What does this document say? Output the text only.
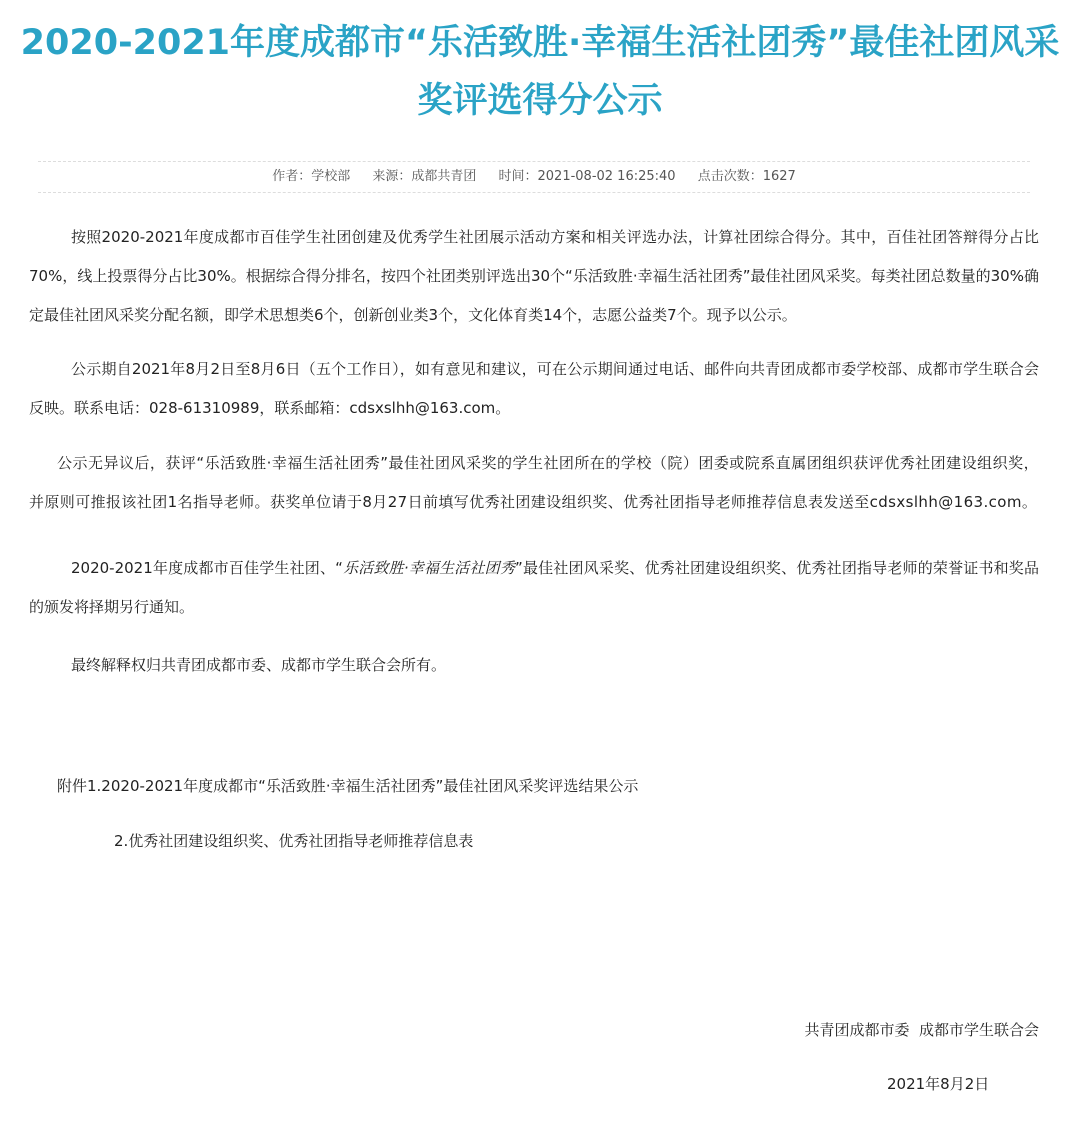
2020-2021年度成都市“乐活致胜·幸福生活社团秀”最佳社团风采奖评选得分公示
作者：学校部 来源：成都共青团 时间：2021-08-02 16:25:40 点击次数：1627

按照2020-2021年度成都市百佳学生社团创建及优秀学生社团展示活动方案和相关评选办法，计算社团综合得分。其中，百佳社团答辩得分占比70%，线上投票得分占比30%。根据综合得分排名，按四个社团类别评选出30个“乐活致胜·幸福生活社团秀”最佳社团风采奖。每类社团总数量的30%确定最佳社团风采奖分配名额，即学术思想类6个，创新创业类3个，文化体育类14个，志愿公益类7个。现予以公示。

公示期自2021年8月2日至8月6日（五个工作日），如有意见和建议，可在公示期间通过电话、邮件向共青团成都市委学校部、成都市学生联合会反映。联系电话：028-61310989，联系邮箱：cdsxslhh@163.com。

公示无异议后，获评“乐活致胜·幸福生活社团秀”最佳社团风采奖的学生社团所在的学校（院）团委或院系直属团组织获评优秀社团建设组织奖，并原则可推报该社团1名指导老师。获奖单位请于8月27日前填写优秀社团建设组织奖、优秀社团指导老师推荐信息表发送至cdsxslhh@163.com。

2020-2021年度成都市百佳学生社团、“乐活致胜·幸福生活社团秀”最佳社团风采奖、优秀社团建设组织奖、优秀社团指导老师的荣誉证书和奖品的颁发将择期另行通知。

最终解释权归共青团成都市委、成都市学生联合会所有。

附件1.2020-2021年度成都市“乐活致胜·幸福生活社团秀”最佳社团风采奖评选结果公示

2.优秀社团建设组织奖、优秀社团指导老师推荐信息表

共青团成都市委  成都市学生联合会
2021年8月2日
